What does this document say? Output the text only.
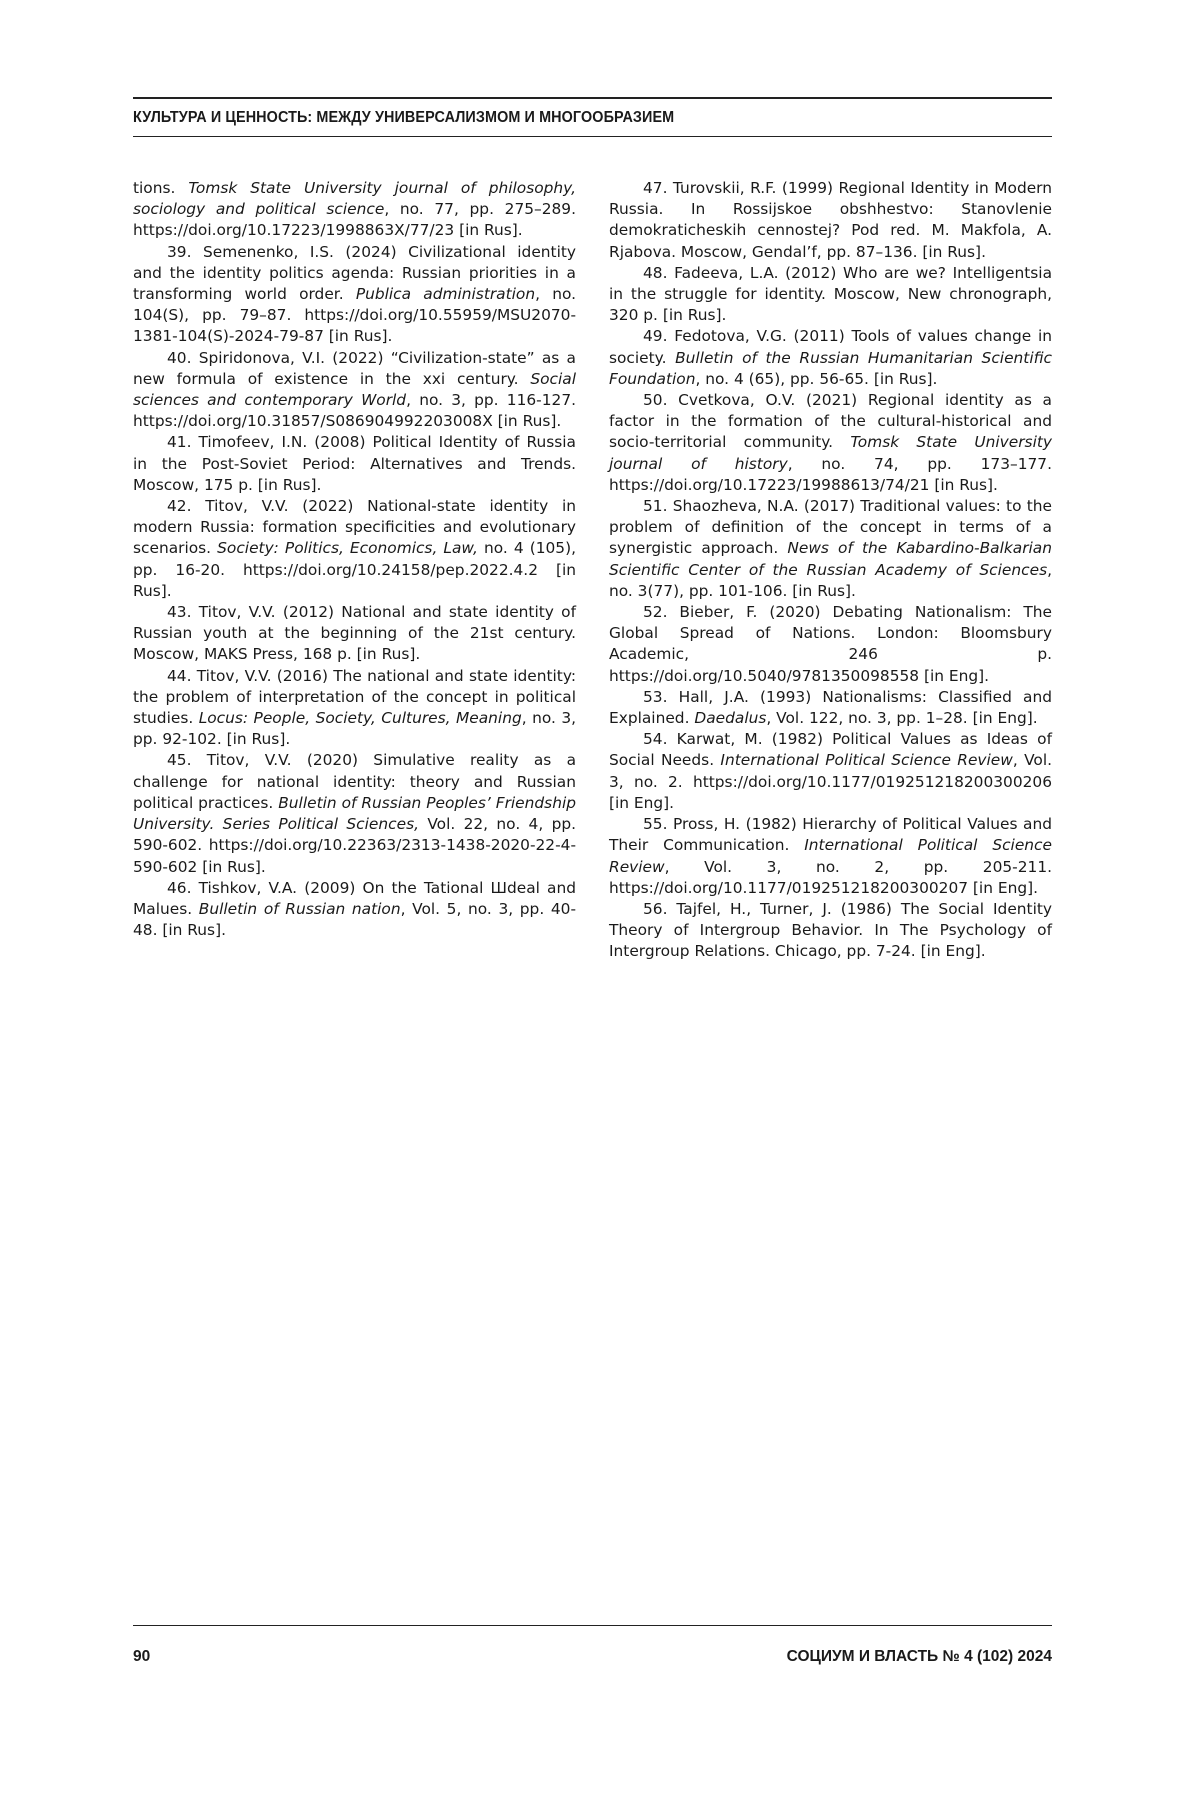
КУЛЬТУРА И ЦЕННОСТЬ: МЕЖДУ УНИВЕРСАЛИЗМОМ И МНОГООБРАЗИЕМ

tions. Tomsk State University journal of philosophy, sociology and political science, no. 77, pp. 275–289. https://doi.org/10.17223/1998863X/77/23 [in Rus].

39. Semenenko, I.S. (2024) Civilizational identity and the identity politics agenda: Russian priorities in a transforming world order. Publica administration, no. 104(S), pp. 79–87. https://doi.org/10.55959/MSU2070-1381-104(S)-2024-79-87 [in Rus].

40. Spiridonova, V.I. (2022) “Civilization-state” as a new formula of existence in the xxi century. Social sciences and contemporary World, no. 3, pp. 116-127. https://doi.org/10.31857/S086904992203008X [in Rus].

41. Timofeev, I.N. (2008) Political Identity of Russia in the Post-Soviet Period: Alternatives and Trends. Moscow, 175 p. [in Rus].

42. Titov, V.V. (2022) National-state identity in modern Russia: formation specificities and evolutionary scenarios. Society: Politics, Economics, Law, no. 4 (105), pp. 16-20. https://doi.org/10.24158/pep.2022.4.2 [in Rus].

43. Titov, V.V. (2012) National and state identity of Russian youth at the beginning of the 21st century. Moscow, MAKS Press, 168 p. [in Rus].

44. Titov, V.V. (2016) The national and state identity: the problem of interpretation of the concept in political studies. Locus: People, Society, Cultures, Meaning, no. 3, pp. 92-102. [in Rus].

45. Titov, V.V. (2020) Simulative reality as a challenge for national identity: theory and Russian political practices. Bulletin of Russian Peoples’ Friendship University. Series Political Sciences, Vol. 22, no. 4, pp. 590-602. https://doi.org/10.22363/2313-1438-2020-22-4-590-602 [in Rus].

46. Tishkov, V.A. (2009) On the Tational Шdeal and Malues. Bulletin of Russian nation, Vol. 5, no. 3, pp. 40-48. [in Rus].

47. Turovskii, R.F. (1999) Regional Identity in Modern Russia. In Rossijskoe obshhestvo: Stanovlenie demokraticheskih cennostej? Pod red. M. Makfola, A. Rjabova. Moscow, Gendal’f, pp. 87–136. [in Rus].

48. Fadeeva, L.A. (2012) Who are we? Intelligentsia in the struggle for identity. Moscow, New chronograph, 320 p. [in Rus].

49. Fedotova, V.G. (2011) Tools of values change in society. Bulletin of the Russian Humanitarian Scientific Foundation, no. 4 (65), pp. 56-65. [in Rus].

50. Cvetkova, O.V. (2021) Regional identity as a factor in the formation of the cultural-historical and socio-territorial community. Tomsk State University journal of history, no. 74, pp. 173–177. https://doi.org/10.17223/19988613/74/21 [in Rus].

51. Shaozheva, N.A. (2017) Traditional values: to the problem of definition of the concept in terms of a synergistic approach. News of the Kabardino-Balkarian Scientific Center of the Russian Academy of Sciences, no. 3(77), pp. 101-106. [in Rus].

52. Bieber, F. (2020) Debating Nationalism: The Global Spread of Nations. London: Bloomsbury Academic, 246 p. https://doi.org/10.5040/9781350098558 [in Eng].

53. Hall, J.A. (1993) Nationalisms: Classified and Explained. Daedalus, Vol. 122, no. 3, pp. 1–28. [in Eng].

54. Karwat, M. (1982) Political Values as Ideas of Social Needs. International Political Science Review, Vol. 3, no. 2. https://doi.org/10.1177/019251218200300206 [in Eng].

55. Pross, H. (1982) Hierarchy of Political Values and Their Communication. International Political Science Review, Vol. 3, no. 2, pp. 205-211. https://doi.org/10.1177/019251218200300207 [in Eng].

56. Tajfel, H., Turner, J. (1986) The Social Identity Theory of Intergroup Behavior. In The Psychology of Intergroup Relations. Chicago, pp. 7-24. [in Eng].

90	СОЦИУМ И ВЛАСТЬ № 4 (102) 2024
